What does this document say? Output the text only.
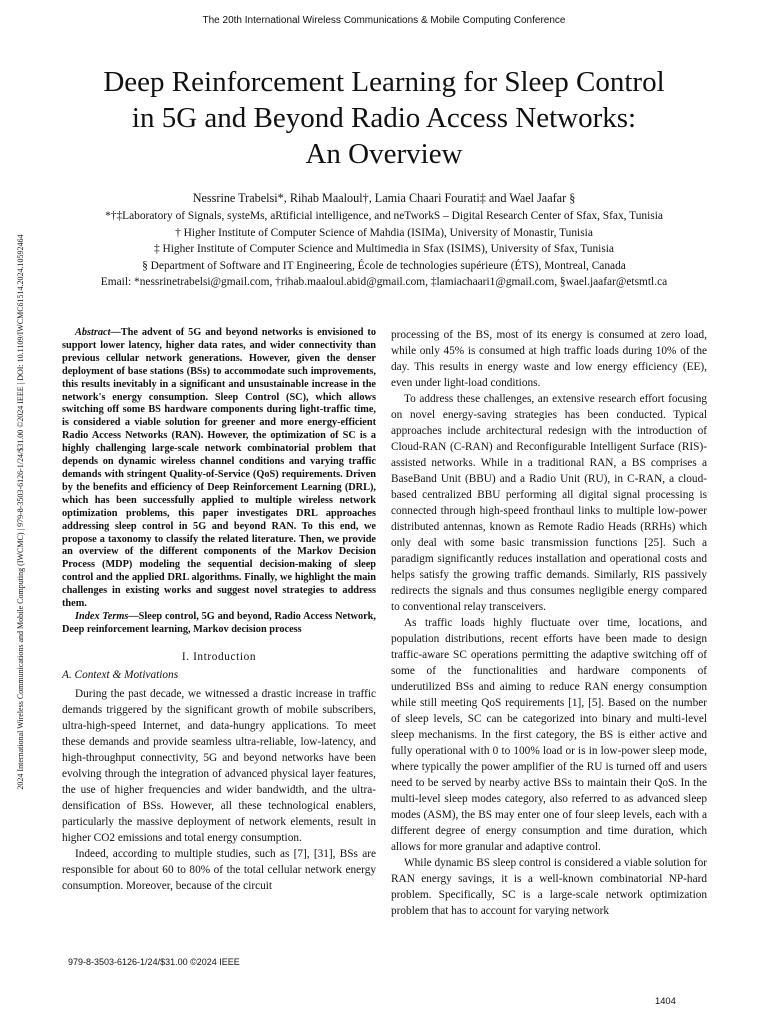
The 20th International Wireless Communications & Mobile Computing Conference
2024 International Wireless Communications and Mobile Computing (IWCMC) | 979-8-3503-6126-1/24/$31.00 ©2024 IEEE | DOI: 10.1109/IWCMC61514.2024.10592464
Deep Reinforcement Learning for Sleep Control
in 5G and Beyond Radio Access Networks:
An Overview
Nessrine Trabelsi*, Rihab Maaloul†, Lamia Chaari Fourati‡ and Wael Jaafar §
*†‡Laboratory of Signals, systeMs, aRtificial intelligence, and neTworkS – Digital Research Center of Sfax, Sfax, Tunisia
† Higher Institute of Computer Science of Mahdia (ISIMa), University of Monastir, Tunisia
‡ Higher Institute of Computer Science and Multimedia in Sfax (ISIMS), University of Sfax, Tunisia
§ Department of Software and IT Engineering, École de technologies supérieure (ÉTS), Montreal, Canada
Email: *nessrinetrabelsi@gmail.com, †rihab.maaloul.abid@gmail.com, ‡lamiachaari1@gmail.com, §wael.jaafar@etsmtl.ca

Abstract—The advent of 5G and beyond networks is envisioned to support lower latency, higher data rates, and wider connectivity than previous cellular network generations. However, given the denser deployment of base stations (BSs) to accommodate such improvements, this results inevitably in a significant and unsustainable increase in the network's energy consumption. Sleep Control (SC), which allows switching off some BS hardware components during light-traffic time, is considered a viable solution for greener and more energy-efficient Radio Access Networks (RAN). However, the optimization of SC is a highly challenging large-scale network combinatorial problem that depends on dynamic wireless channel conditions and varying traffic demands with stringent Quality-of-Service (QoS) requirements. Driven by the benefits and efficiency of Deep Reinforcement Learning (DRL), which has been successfully applied to multiple wireless network optimization problems, this paper investigates DRL approaches addressing sleep control in 5G and beyond RAN. To this end, we propose a taxonomy to classify the related literature. Then, we provide an overview of the different components of the Markov Decision Process (MDP) modeling the sequential decision-making of sleep control and the applied DRL algorithms. Finally, we highlight the main challenges in existing works and suggest novel strategies to address them.

Index Terms—Sleep control, 5G and beyond, Radio Access Network, Deep reinforcement learning, Markov decision process

I. Introduction

A. Context & Motivations

During the past decade, we witnessed a drastic increase in traffic demands triggered by the significant growth of mobile subscribers, ultra-high-speed Internet, and data-hungry applications. To meet these demands and provide seamless ultra-reliable, low-latency, and high-throughput connectivity, 5G and beyond networks have been evolving through the integration of advanced physical layer features, the use of higher frequencies and wider bandwidth, and the ultra-densification of BSs. However, all these technological enablers, particularly the massive deployment of network elements, result in higher CO2 emissions and total energy consumption.

Indeed, according to multiple studies, such as [7], [31], BSs are responsible for about 60 to 80% of the total cellular network energy consumption. Moreover, because of the circuit

processing of the BS, most of its energy is consumed at zero load, while only 45% is consumed at high traffic loads during 10% of the day. This results in energy waste and low energy efficiency (EE), even under light-load conditions.

To address these challenges, an extensive research effort focusing on novel energy-saving strategies has been conducted. Typical approaches include architectural redesign with the introduction of Cloud-RAN (C-RAN) and Reconfigurable Intelligent Surface (RIS)-assisted networks. While in a traditional RAN, a BS comprises a BaseBand Unit (BBU) and a Radio Unit (RU), in C-RAN, a cloud-based centralized BBU performing all digital signal processing is connected through high-speed fronthaul links to multiple low-power distributed antennas, known as Remote Radio Heads (RRHs) which only deal with some basic transmission functions [25]. Such a paradigm significantly reduces installation and operational costs and helps satisfy the growing traffic demands. Similarly, RIS passively redirects the signals and thus consumes negligible energy compared to conventional relay transceivers.

As traffic loads highly fluctuate over time, locations, and population distributions, recent efforts have been made to design traffic-aware SC operations permitting the adaptive switching off of some of the functionalities and hardware components of underutilized BSs and aiming to reduce RAN energy consumption while still meeting QoS requirements [1], [5]. Based on the number of sleep levels, SC can be categorized into binary and multi-level sleep mechanisms. In the first category, the BS is either active and fully operational with 0 to 100% load or is in low-power sleep mode, where typically the power amplifier of the RU is turned off and users need to be served by nearby active BSs to maintain their QoS. In the multi-level sleep modes category, also referred to as advanced sleep modes (ASM), the BS may enter one of four sleep levels, each with a different degree of energy consumption and time duration, which allows for more granular and adaptive control.

While dynamic BS sleep control is considered a viable solution for RAN energy savings, it is a well-known combinatorial NP-hard problem. Specifically, SC is a large-scale network optimization problem that has to account for varying network

979-8-3503-6126-1/24/$31.00 ©2024 IEEE
1404
